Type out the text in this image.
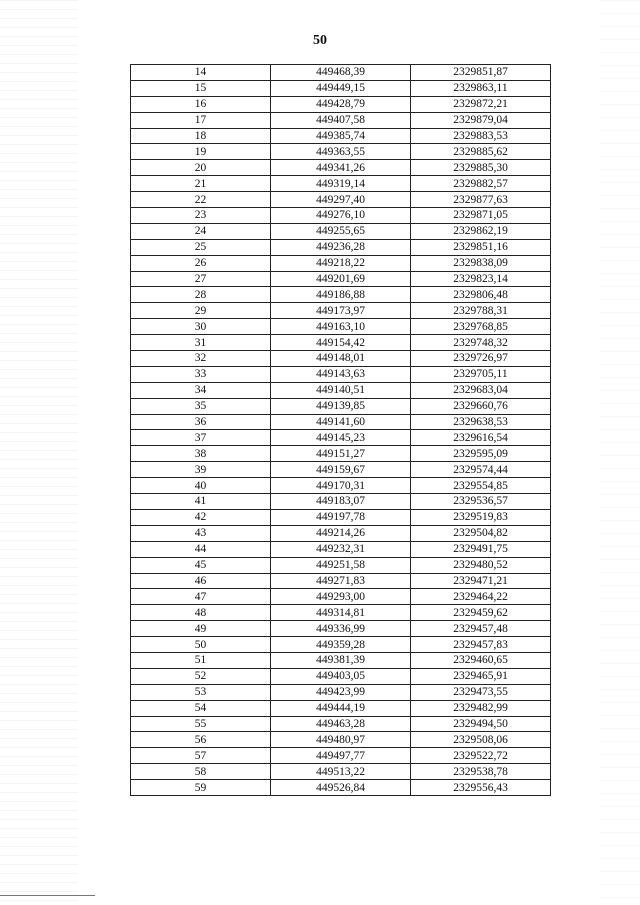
50
14	449468,39	2329851,87
15	449449,15	2329863,11
16	449428,79	2329872,21
17	449407,58	2329879,04
18	449385,74	2329883,53
19	449363,55	2329885,62
20	449341,26	2329885,30
21	449319,14	2329882,57
22	449297,40	2329877,63
23	449276,10	2329871,05
24	449255,65	2329862,19
25	449236,28	2329851,16
26	449218,22	2329838,09
27	449201,69	2329823,14
28	449186,88	2329806,48
29	449173,97	2329788,31
30	449163,10	2329768,85
31	449154,42	2329748,32
32	449148,01	2329726,97
33	449143,63	2329705,11
34	449140,51	2329683,04
35	449139,85	2329660,76
36	449141,60	2329638,53
37	449145,23	2329616,54
38	449151,27	2329595,09
39	449159,67	2329574,44
40	449170,31	2329554,85
41	449183,07	2329536,57
42	449197,78	2329519,83
43	449214,26	2329504,82
44	449232,31	2329491,75
45	449251,58	2329480,52
46	449271,83	2329471,21
47	449293,00	2329464,22
48	449314,81	2329459,62
49	449336,99	2329457,48
50	449359,28	2329457,83
51	449381,39	2329460,65
52	449403,05	2329465,91
53	449423,99	2329473,55
54	449444,19	2329482,99
55	449463,28	2329494,50
56	449480,97	2329508,06
57	449497,77	2329522,72
58	449513,22	2329538,78
59	449526,84	2329556,43
